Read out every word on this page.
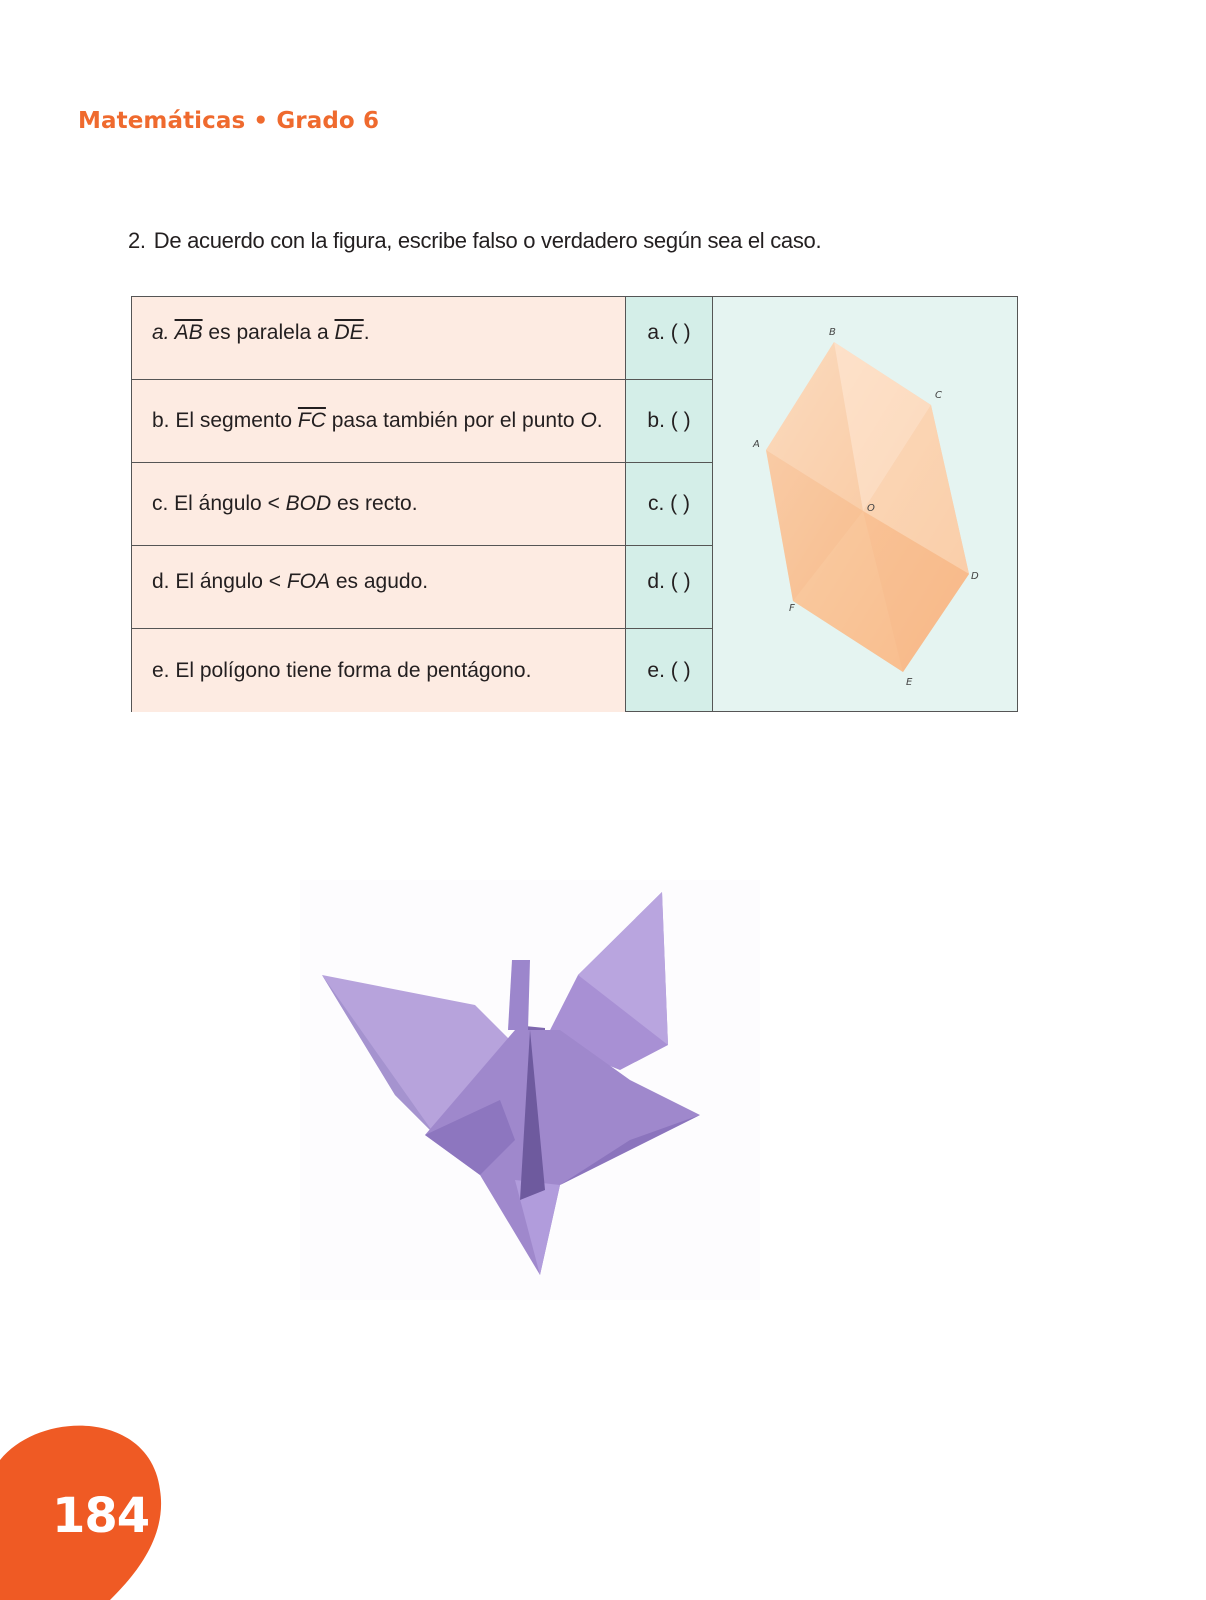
Matemáticas • Grado 6
2. De acuerdo con la figura, escribe falso o verdadero según sea el caso.
a. $\overline{AB}$ es paralela a $\overline{DE}$.
b. El segmento $\overline{FC}$ pasa también por el punto O.
c. El ángulo < BOD es recto.
d. El ángulo < FOA es agudo.
e. El polígono tiene forma de pentágono.
a. ( )
b. ( )
c. ( )
d. ( )
e. ( )
A
B
C
D
E
F
O
184
